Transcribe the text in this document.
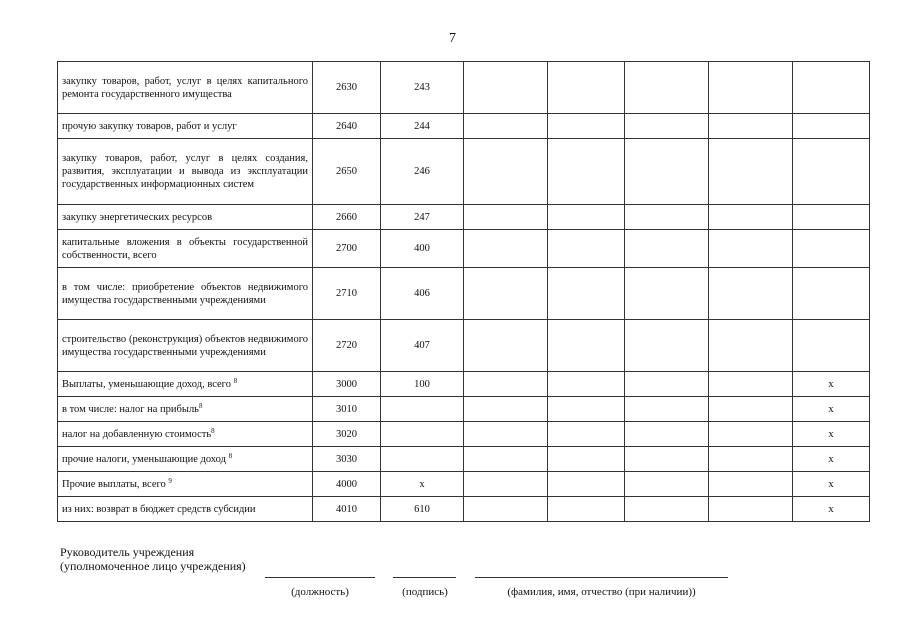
7
закупку товаров, работ, услуг в целях капитального ремонта государственного имущества	2630	243					
прочую закупку товаров, работ и услуг	2640	244					
закупку товаров, работ, услуг в целях создания, развития, эксплуатации и вывода из эксплуатации государственных информационных систем	2650	246					
закупку энергетических ресурсов	2660	247					
капитальные вложения в объекты государственной собственности, всего	2700	400					
в том числе: приобретение объектов недвижимого имущества государственными учреждениями	2710	406					
строительство (реконструкция) объектов недвижимого имущества государственными учреждениями	2720	407					
Выплаты, уменьшающие доход, всего $^8$	3000	100					x
в том числе: налог на прибыль$^8$	3010						x
налог на добавленную стоимость$^8$	3020						x
прочие налоги, уменьшающие доход $^8$	3030						x
Прочие выплаты, всего $^9$	4000	x					x
из них: возврат в бюджет средств субсидии	4010	610					x
Руководитель учреждения
(уполномоченное лицо учреждения)
(должность)	(подпись)	(фамилия, имя, отчество (при наличии))
